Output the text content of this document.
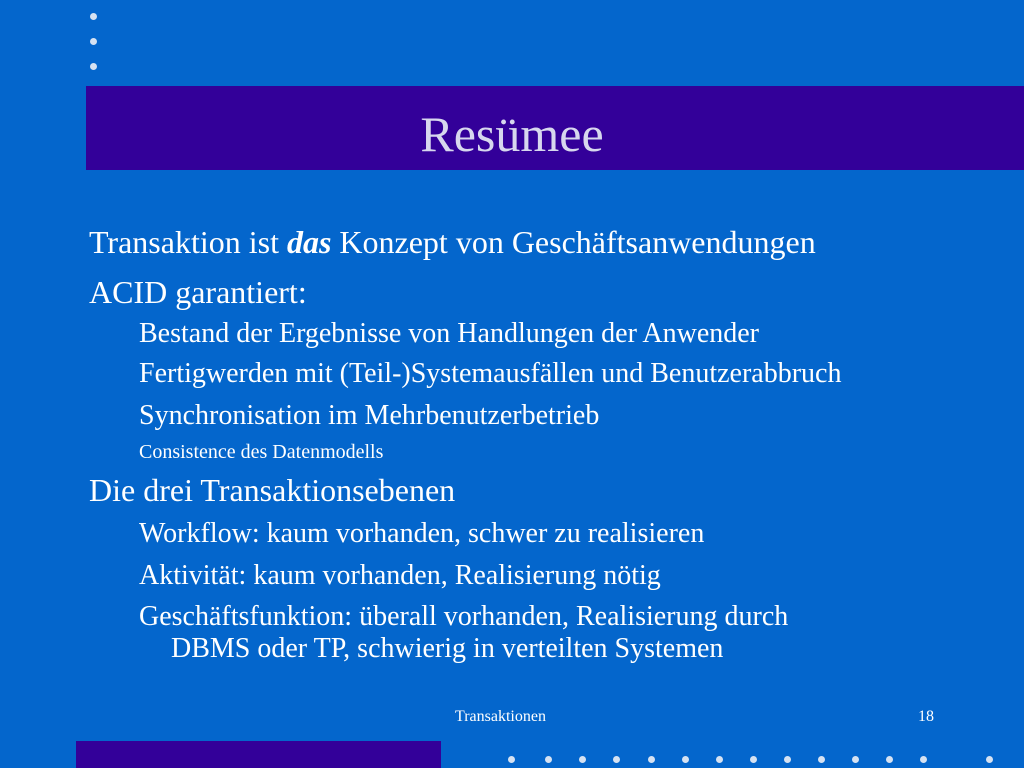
Resümee
Transaktion ist das Konzept von Geschäftsanwendungen
ACID garantiert:
Bestand der Ergebnisse von Handlungen der Anwender
Fertigwerden mit (Teil-)Systemausfällen und Benutzerabbruch
Synchronisation im Mehrbenutzerbetrieb
Consistence des Datenmodells
Die drei Transaktionsebenen
Workflow: kaum vorhanden, schwer zu realisieren
Aktivität: kaum vorhanden, Realisierung nötig
Geschäftsfunktion: überall vorhanden, Realisierung durch
DBMS oder TP, schwierig in verteilten Systemen
Transaktionen	18
